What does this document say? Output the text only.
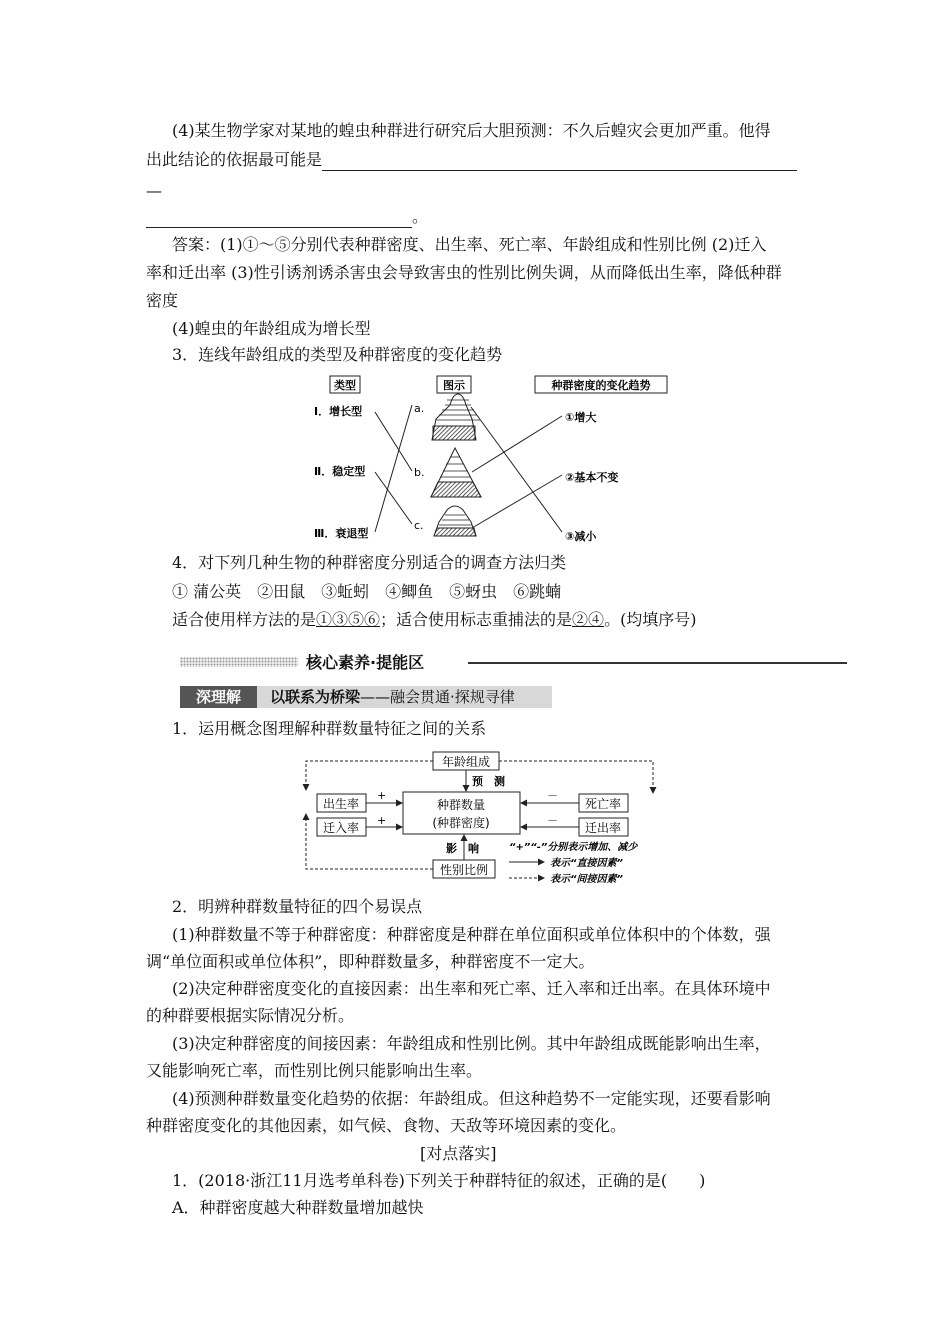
(4)某生物学家对某地的蝗虫种群进行研究后大胆预测：不久后蝗灾会更加严重。他得
出此结论的依据最可能是
—
。
答案：(1)①～⑤分别代表种群密度、出生率、死亡率、年龄组成和性别比例 (2)迁入
率和迁出率 (3)性引诱剂诱杀害虫会导致害虫的性别比例失调，从而降低出生率，降低种群
密度
(4)蝗虫的年龄组成为增长型
3．连线年龄组成的类型及种群密度的变化趋势
类型	图示	种群密度的变化趋势
Ⅰ．增长型
Ⅱ．稳定型
Ⅲ．衰退型
a.
b.
c.
①增大
②基本不变
③减小
4．对下列几种生物的种群密度分别适合的调查方法归类
① 蒲公英　②田鼠　③蚯蚓　④鲫鱼　⑤蚜虫　⑥跳蝻
适合使用样方法的是①③⑤⑥；适合使用标志重捕法的是②④。(均填序号)
核心素养·提能区
深理解	以联系为桥梁——融会贯通·探规寻律
1．运用概念图理解种群数量特征之间的关系
年龄组成
出生率
迁入率
种群数量
(种群密度)
死亡率
迁出率
性别比例
+
+
－
－
预　测
影　响	“+”“-”分别表示增加、减少
表示“直接因素”
表示“间接因素”
2．明辨种群数量特征的四个易误点
(1)种群数量不等于种群密度：种群密度是种群在单位面积或单位体积中的个体数，强
调“单位面积或单位体积”，即种群数量多，种群密度不一定大。
(2)决定种群密度变化的直接因素：出生率和死亡率、迁入率和迁出率。在具体环境中
的种群要根据实际情况分析。
(3)决定种群密度的间接因素：年龄组成和性别比例。其中年龄组成既能影响出生率，
又能影响死亡率，而性别比例只能影响出生率。
(4)预测种群数量变化趋势的依据：年龄组成。但这种趋势不一定能实现，还要看影响
种群密度变化的其他因素，如气候、食物、天敌等环境因素的变化。
[对点落实]
1．(2018·浙江11月选考单科卷)下列关于种群特征的叙述，正确的是(　　)
A．种群密度越大种群数量增加越快
